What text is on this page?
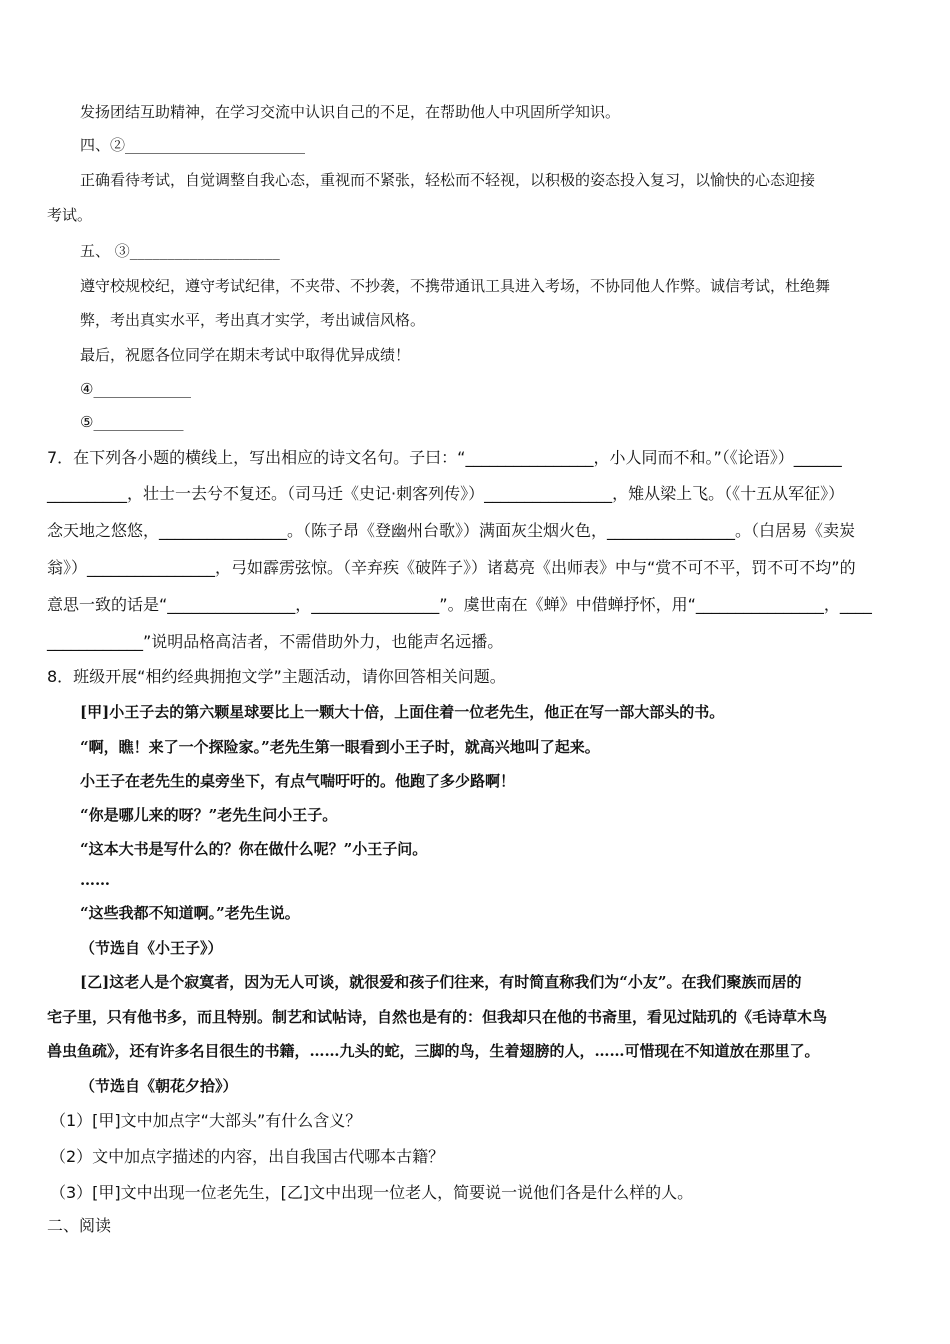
发扬团结互助精神，在学习交流中认识自己的不足，在帮助他人中巩固所学知识。
四、②________________________
正确看待考试，自觉调整自我心态，重视而不紧张，轻松而不轻视，以积极的姿态投入复习，以愉快的心态迎接
考试。
五、 ③____________________
遵守校规校纪，遵守考试纪律，不夹带、不抄袭，不携带通讯工具进入考场，不协同他人作弊。诚信考试，杜绝舞
弊，考出真实水平，考出真才实学，考出诚信风格。
最后，祝愿各位同学在期末考试中取得优异成绩！
④_____________
⑤____________
7．在下列各小题的横线上，写出相应的诗文名句。子曰：“________________，小人同而不和。”（《论语》）______
__________，壮士一去兮不复还。（司马迁《史记·刺客列传》）________________，雉从梁上飞。（《十五从军征》）
念天地之悠悠，________________。（陈子昂《登幽州台歌》）满面灰尘烟火色，________________。（白居易《卖炭
翁》）________________，弓如霹雳弦惊。（辛弃疾《破阵子》）诸葛亮《出师表》中与“赏不可不平，罚不可不均”的
意思一致的话是“________________，________________”。虞世南在《蝉》中借蝉抒怀，用“________________，____
____________”说明品格高洁者，不需借助外力，也能声名远播。
8．班级开展“相约经典拥抱文学”主题活动，请你回答相关问题。
[甲]小王子去的第六颗星球要比上一颗大十倍，上面住着一位老先生，他正在写一部大部头的书。
“啊，瞧！来了一个探险家。”老先生第一眼看到小王子时，就高兴地叫了起来。
小王子在老先生的桌旁坐下，有点气喘吁吁的。他跑了多少路啊！
“你是哪儿来的呀？”老先生问小王子。
“这本大书是写什么的？你在做什么呢？”小王子问。
……
“这些我都不知道啊。”老先生说。
（节选自《小王子》）
[乙]这老人是个寂寞者，因为无人可谈，就很爱和孩子们往来，有时简直称我们为“小友”。在我们聚族而居的
宅子里，只有他书多，而且特别。制艺和试帖诗，自然也是有的：但我却只在他的书斋里，看见过陆玑的《毛诗草木鸟
兽虫鱼疏》，还有许多名目很生的书籍，……九头的蛇，三脚的鸟，生着翅膀的人，……可惜现在不知道放在那里了。
（节选自《朝花夕拾》）
（1）[甲]文中加点字“大部头”有什么含义？
（2）文中加点字描述的内容，出自我国古代哪本古籍？
（3）[甲]文中出现一位老先生，[乙]文中出现一位老人，简要说一说他们各是什么样的人。
二、阅读
